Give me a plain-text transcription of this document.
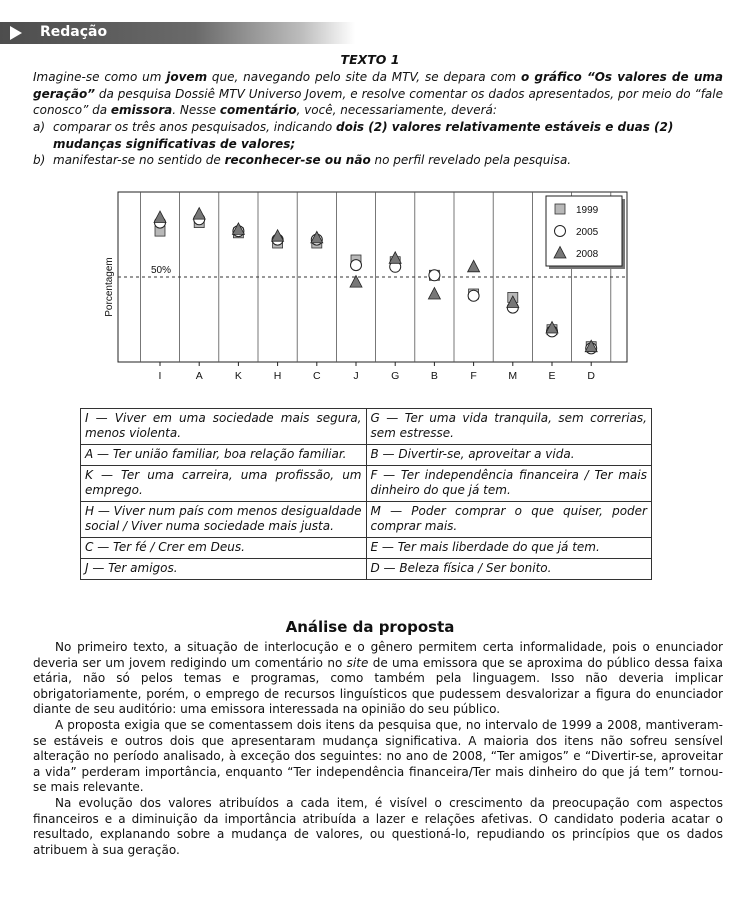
Redação
TEXTO 1

Imagine-se como um jovem que, navegando pelo site da MTV, se depara com o gráfico “Os valores de uma geração” da pesquisa Dossiê MTV Universo Jovem, e resolve comentar os dados apresentados, por meio do “fale conosco” da emissora. Nesse comentário, você, necessariamente, deverá:

a) comparar os três anos pesquisados, indicando dois (2) valores relativamente estáveis e duas (2) mudanças significativas de valores;
b) manifestar-se no sentido de reconhecer-se ou não no perfil revelado pela pesquisa.
50%
Porcentagem
I	A	K	H	C	J	G	B	F	M	E	D
1999
2005
2008
I — Viver em uma sociedade mais segura, menos violenta.	G — Ter uma vida tranquila, sem correrias, sem estresse.
A — Ter união familiar, boa relação familiar.	B — Divertir-se, aproveitar a vida.
K — Ter uma carreira, uma profissão, um emprego.	F — Ter independência financeira / Ter mais dinheiro do que já tem.
H — Viver num país com menos desigualdade social / Viver numa sociedade mais justa.	M — Poder comprar o que quiser, poder comprar mais.
C — Ter fé / Crer em Deus.	E — Ter mais liberdade do que já tem.
J — Ter amigos.	D — Beleza física / Ser bonito.
Análise da proposta

No primeiro texto, a situação de interlocução e o gênero permitem certa informalidade, pois o enunciador deveria ser um jovem redigindo um comentário no site de uma emissora que se aproxima do público dessa faixa etária, não só pelos temas e programas, como também pela linguagem. Isso não deveria implicar obrigatoriamente, porém, o emprego de recursos linguísticos que pudessem desvalorizar a figura do enunciador diante de seu auditório: uma emissora interessada na opinião do seu público.

A proposta exigia que se comentassem dois itens da pesquisa que, no intervalo de 1999 a 2008, mantiveram-se estáveis e outros dois que apresentaram mudança significativa. A maioria dos itens não sofreu sensível alteração no período analisado, à exceção dos seguintes: no ano de 2008, “Ter amigos” e “Divertir-se, aproveitar a vida” perderam importância, enquanto “Ter independência financeira/Ter mais dinheiro do que já tem” tornou-se mais relevante.

Na evolução dos valores atribuídos a cada item, é visível o crescimento da preocupação com aspectos financeiros e a diminuição da importância atribuída a lazer e relações afetivas. O candidato poderia acatar o resultado, explanando sobre a mudança de valores, ou questioná-lo, repudiando os princípios que os dados atribuem à sua geração.
